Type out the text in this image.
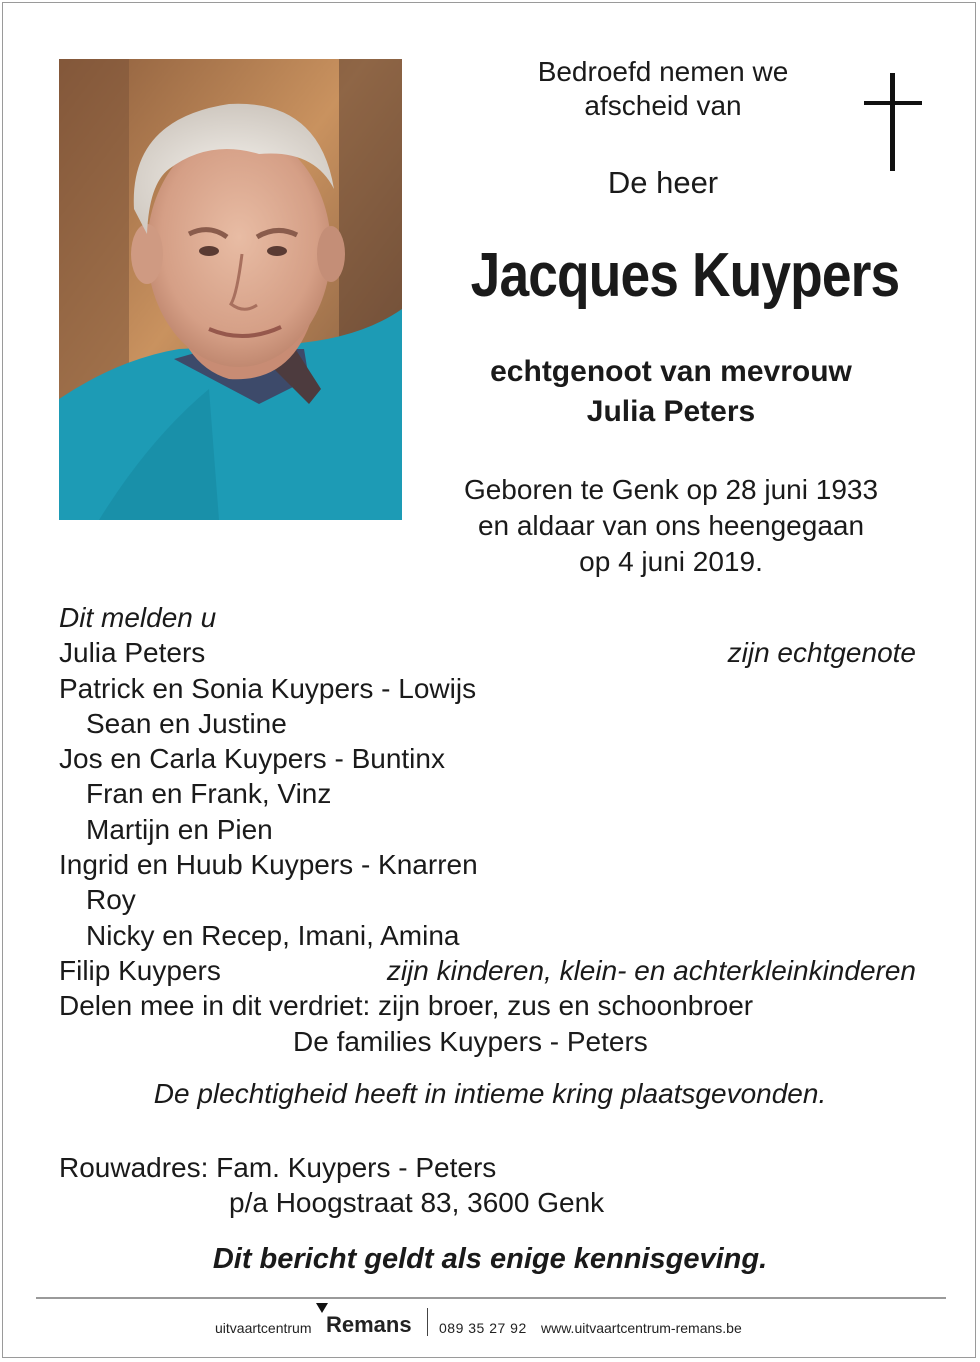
Bedroefd nemen we
afscheid van
De heer
Jacques Kuypers
echtgenoot van mevrouw
Julia Peters
Geboren te Genk op 28 juni 1933
en aldaar van ons heengegaan
op 4 juni 2019.
Dit melden u
Julia Peters	zijn echtgenote
Patrick en Sonia Kuypers - Lowijs
Sean en Justine
Jos en Carla Kuypers - Buntinx
Fran en Frank, Vinz
Martijn en Pien
Ingrid en Huub Kuypers - Knarren
Roy
Nicky en Recep, Imani, Amina
Filip Kuypers	zijn kinderen, klein- en achterkleinkinderen
Delen mee in dit verdriet: zijn broer, zus en schoonbroer
De families Kuypers - Peters
De plechtigheid heeft in intieme kring plaatsgevonden.
Rouwadres: Fam. Kuypers - Peters
p/a Hoogstraat 83, 3600 Genk
Dit bericht geldt als enige kennisgeving.
uitvaartcentrum Remans 089 35 27 92 www.uitvaartcentrum-remans.be
